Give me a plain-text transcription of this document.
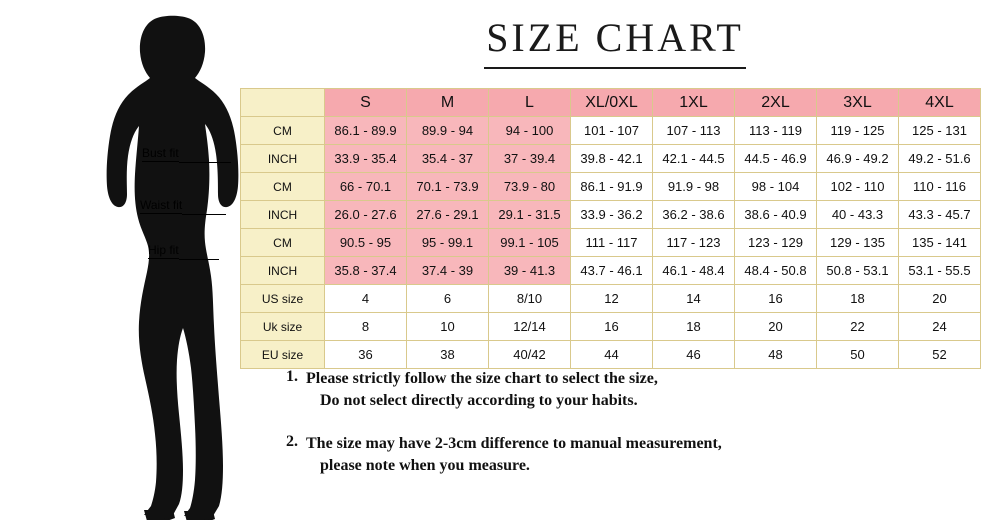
Bust fit
Waist fit
Hip fit
SIZE CHART
	S	M	L	XL/0XL	1XL	2XL	3XL	4XL
CM	86.1 - 89.9	89.9 - 94	94 - 100	101 - 107	107 - 113	113 - 119	119 - 125	125 - 131
INCH	33.9 - 35.4	35.4 - 37	37 - 39.4	39.8 - 42.1	42.1 - 44.5	44.5 - 46.9	46.9 - 49.2	49.2 - 51.6
CM	66 - 70.1	70.1 - 73.9	73.9 - 80	86.1 - 91.9	91.9 - 98	98 - 104	102 - 110	110 - 116
INCH	26.0 - 27.6	27.6 - 29.1	29.1 - 31.5	33.9 - 36.2	36.2 - 38.6	38.6 - 40.9	40 - 43.3	43.3 - 45.7
CM	90.5 - 95	95 - 99.1	99.1 - 105	111 - 117	117 - 123	123 - 129	129 - 135	135 - 141
INCH	35.8 - 37.4	37.4 - 39	39 - 41.3	43.7 - 46.1	46.1 - 48.4	48.4 - 50.8	50.8 - 53.1	53.1 - 55.5
US size	4	6	8/10	12	14	16	18	20
Uk size	8	10	12/14	16	18	20	22	24
EU size	36	38	40/42	44	46	48	50	52
1. Please strictly follow the size chart to select the size,
Do not select directly according to your habits.
2. The size may have 2-3cm difference to manual measurement,
please note when you measure.
